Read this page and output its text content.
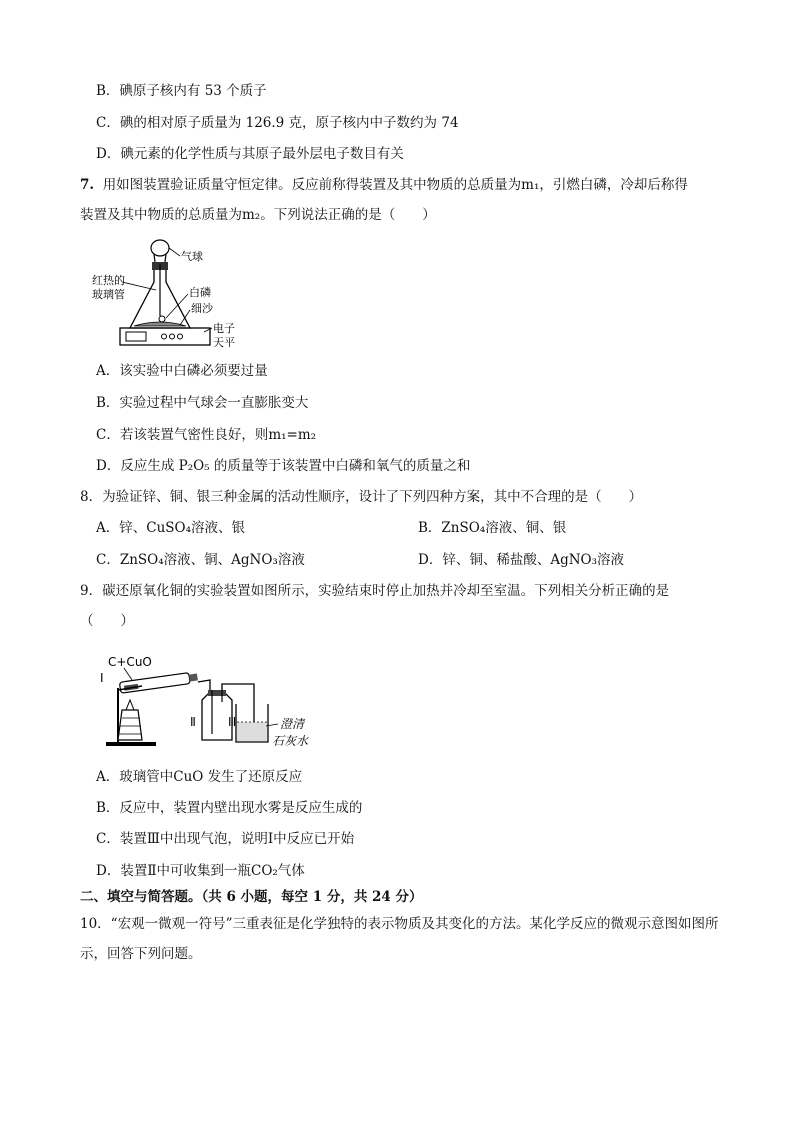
B．碘原子核内有 53 个质子
C．碘的相对原子质量为 126.9 克，原子核内中子数约为 74
D．碘元素的化学性质与其原子最外层电子数目有关
7. 用如图装置验证质量守恒定律。反应前称得装置及其中物质的总质量为m₁，引燃白磷，冷却后称得
装置及其中物质的总质量为m₂。下列说法正确的是（　　）
气球
红热的
玻璃管	白磷
细沙
电子
天平
A．该实验中白磷必须要过量
B．实验过程中气球会一直膨胀变大
C．若该装置气密性良好，则m₁=m₂
D．反应生成 P₂O₅ 的质量等于该装置中白磷和氧气的质量之和
8．为验证锌、铜、银三种金属的活动性顺序，设计了下列四种方案，其中不合理的是（　　）
A．锌、CuSO₄溶液、银	B．ZnSO₄溶液、铜、银
C．ZnSO₄溶液、铜、AgNO₃溶液	D．锌、铜、稀盐酸、AgNO₃溶液
9．碳还原氧化铜的实验装置如图所示，实验结束时停止加热并冷却至室温。下列相关分析正确的是
（　　）
C+CuO
I
Ⅱ	Ⅲ	澄清
石灰水
A．玻璃管中CuO 发生了还原反应
B．反应中，装置内壁出现水雾是反应生成的
C．装置Ⅲ中出现气泡，说明Ⅰ中反应已开始
D．装置Ⅱ中可收集到一瓶CO₂气体
二、填空与简答题。（共 6 小题，每空 1 分，共 24 分）
10．“宏观一微观一符号”三重表征是化学独特的表示物质及其变化的方法。某化学反应的微观示意图如图所示，回答下列问题。
